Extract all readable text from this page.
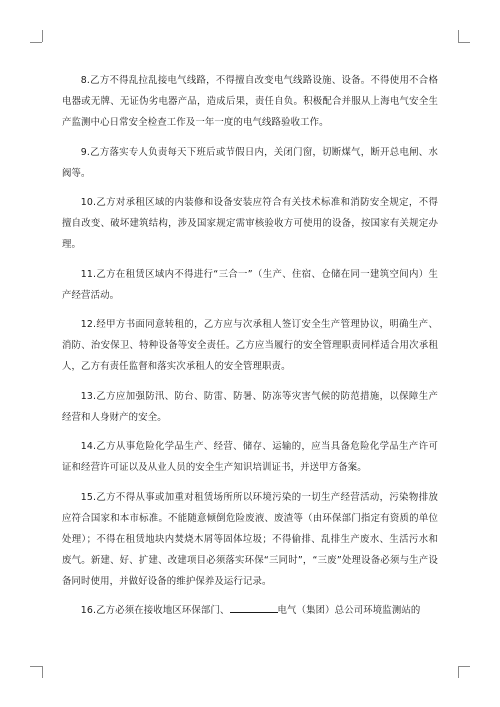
8.乙方不得乱拉乱接电气线路，不得擅自改变电气线路设施、设备。不得使用不合格电器或无牌、无证伪劣电器产品，造成后果，责任自负。积极配合并服从上海电气安全生产监测中心日常安全检查工作及一年一度的电气线路验收工作。

9.乙方落实专人负责每天下班后或节假日内，关闭门窗，切断煤气，断开总电闸、水阀等。

10.乙方对承租区域的内装修和设备安装应符合有关技术标准和消防安全规定，不得擅自改变、破坏建筑结构，涉及国家规定需审核验收方可使用的设备，按国家有关规定办理。

11.乙方在租赁区域内不得进行“三合一”（生产、住宿、仓储在同一建筑空间内）生产经营活动。

12.经甲方书面同意转租的，乙方应与次承租人签订安全生产管理协议，明确生产、消防、治安保卫、特种设备等安全责任。乙方应当履行的安全管理职责同样适合用次承租人，乙方有责任监督和落实次承租人的安全管理职责。

13.乙方应加强防汛、防台、防雷、防暑、防冻等灾害气候的防范措施，以保障生产经营和人身财产的安全。

14.乙方从事危险化学品生产、经营、储存、运输的，应当具备危险化学品生产许可证和经营许可证以及从业人员的安全生产知识培训证书，并送甲方备案。

15.乙方不得从事或加重对租赁场所所以环境污染的一切生产经营活动，污染物排放应符合国家和本市标准。不能随意倾倒危险废液、废渣等（由环保部门指定有资质的单位处理）；不得在租赁地块内焚烧木屑等固体垃圾；不得偷排、乱排生产废水、生活污水和废气。新建、好、扩建、改建项目必须落实环保“三同时”，“三废”处理设备必须与生产设备同时使用，并做好设备的维护保养及运行记录。

16.乙方必须在接收地区环保部门、	电气（集团）总公司环境监测站的
